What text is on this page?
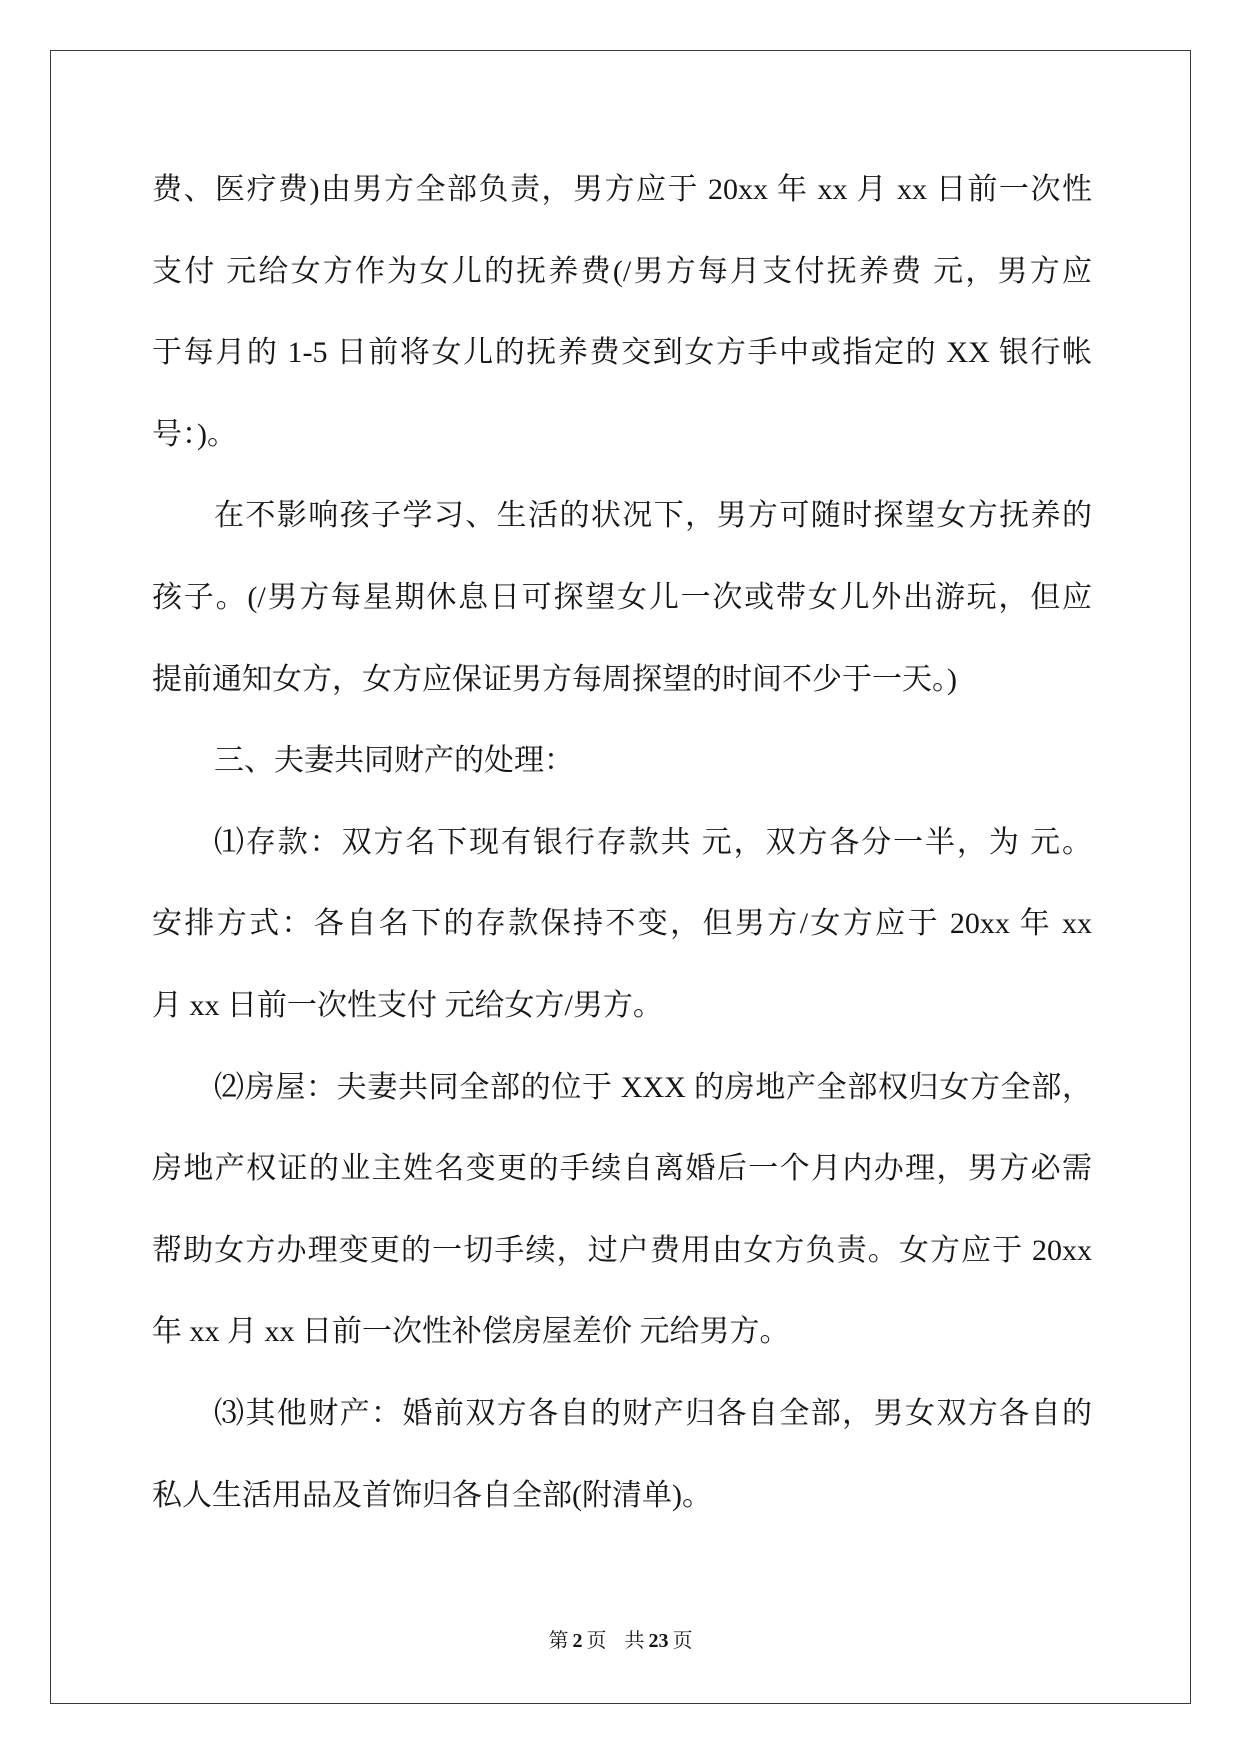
费、医疗费)由男方全部负责，男方应于 20xx 年 xx 月 xx 日前一次性
支付 元给女方作为女儿的抚养费(/男方每月支付抚养费 元，男方应
于每月的 1-5 日前将女儿的抚养费交到女方手中或指定的 XX 银行帐
号：)。
在不影响孩子学习、生活的状况下，男方可随时探望女方抚养的
孩子。(/男方每星期休息日可探望女儿一次或带女儿外出游玩，但应
提前通知女方，女方应保证男方每周探望的时间不少于一天。)
三、夫妻共同财产的处理：
⑴存款：双方名下现有银行存款共 元，双方各分一半，为 元。
安排方式：各自名下的存款保持不变，但男方/女方应于 20xx 年 xx
月 xx 日前一次性支付 元给女方/男方。
⑵房屋：夫妻共同全部的位于 XXX 的房地产全部权归女方全部，
房地产权证的业主姓名变更的手续自离婚后一个月内办理，男方必需
帮助女方办理变更的一切手续，过户费用由女方负责。女方应于 20xx
年 xx 月 xx 日前一次性补偿房屋差价 元给男方。
⑶其他财产：婚前双方各自的财产归各自全部，男女双方各自的
私人生活用品及首饰归各自全部(附清单)。
第 2 页 共 23 页
